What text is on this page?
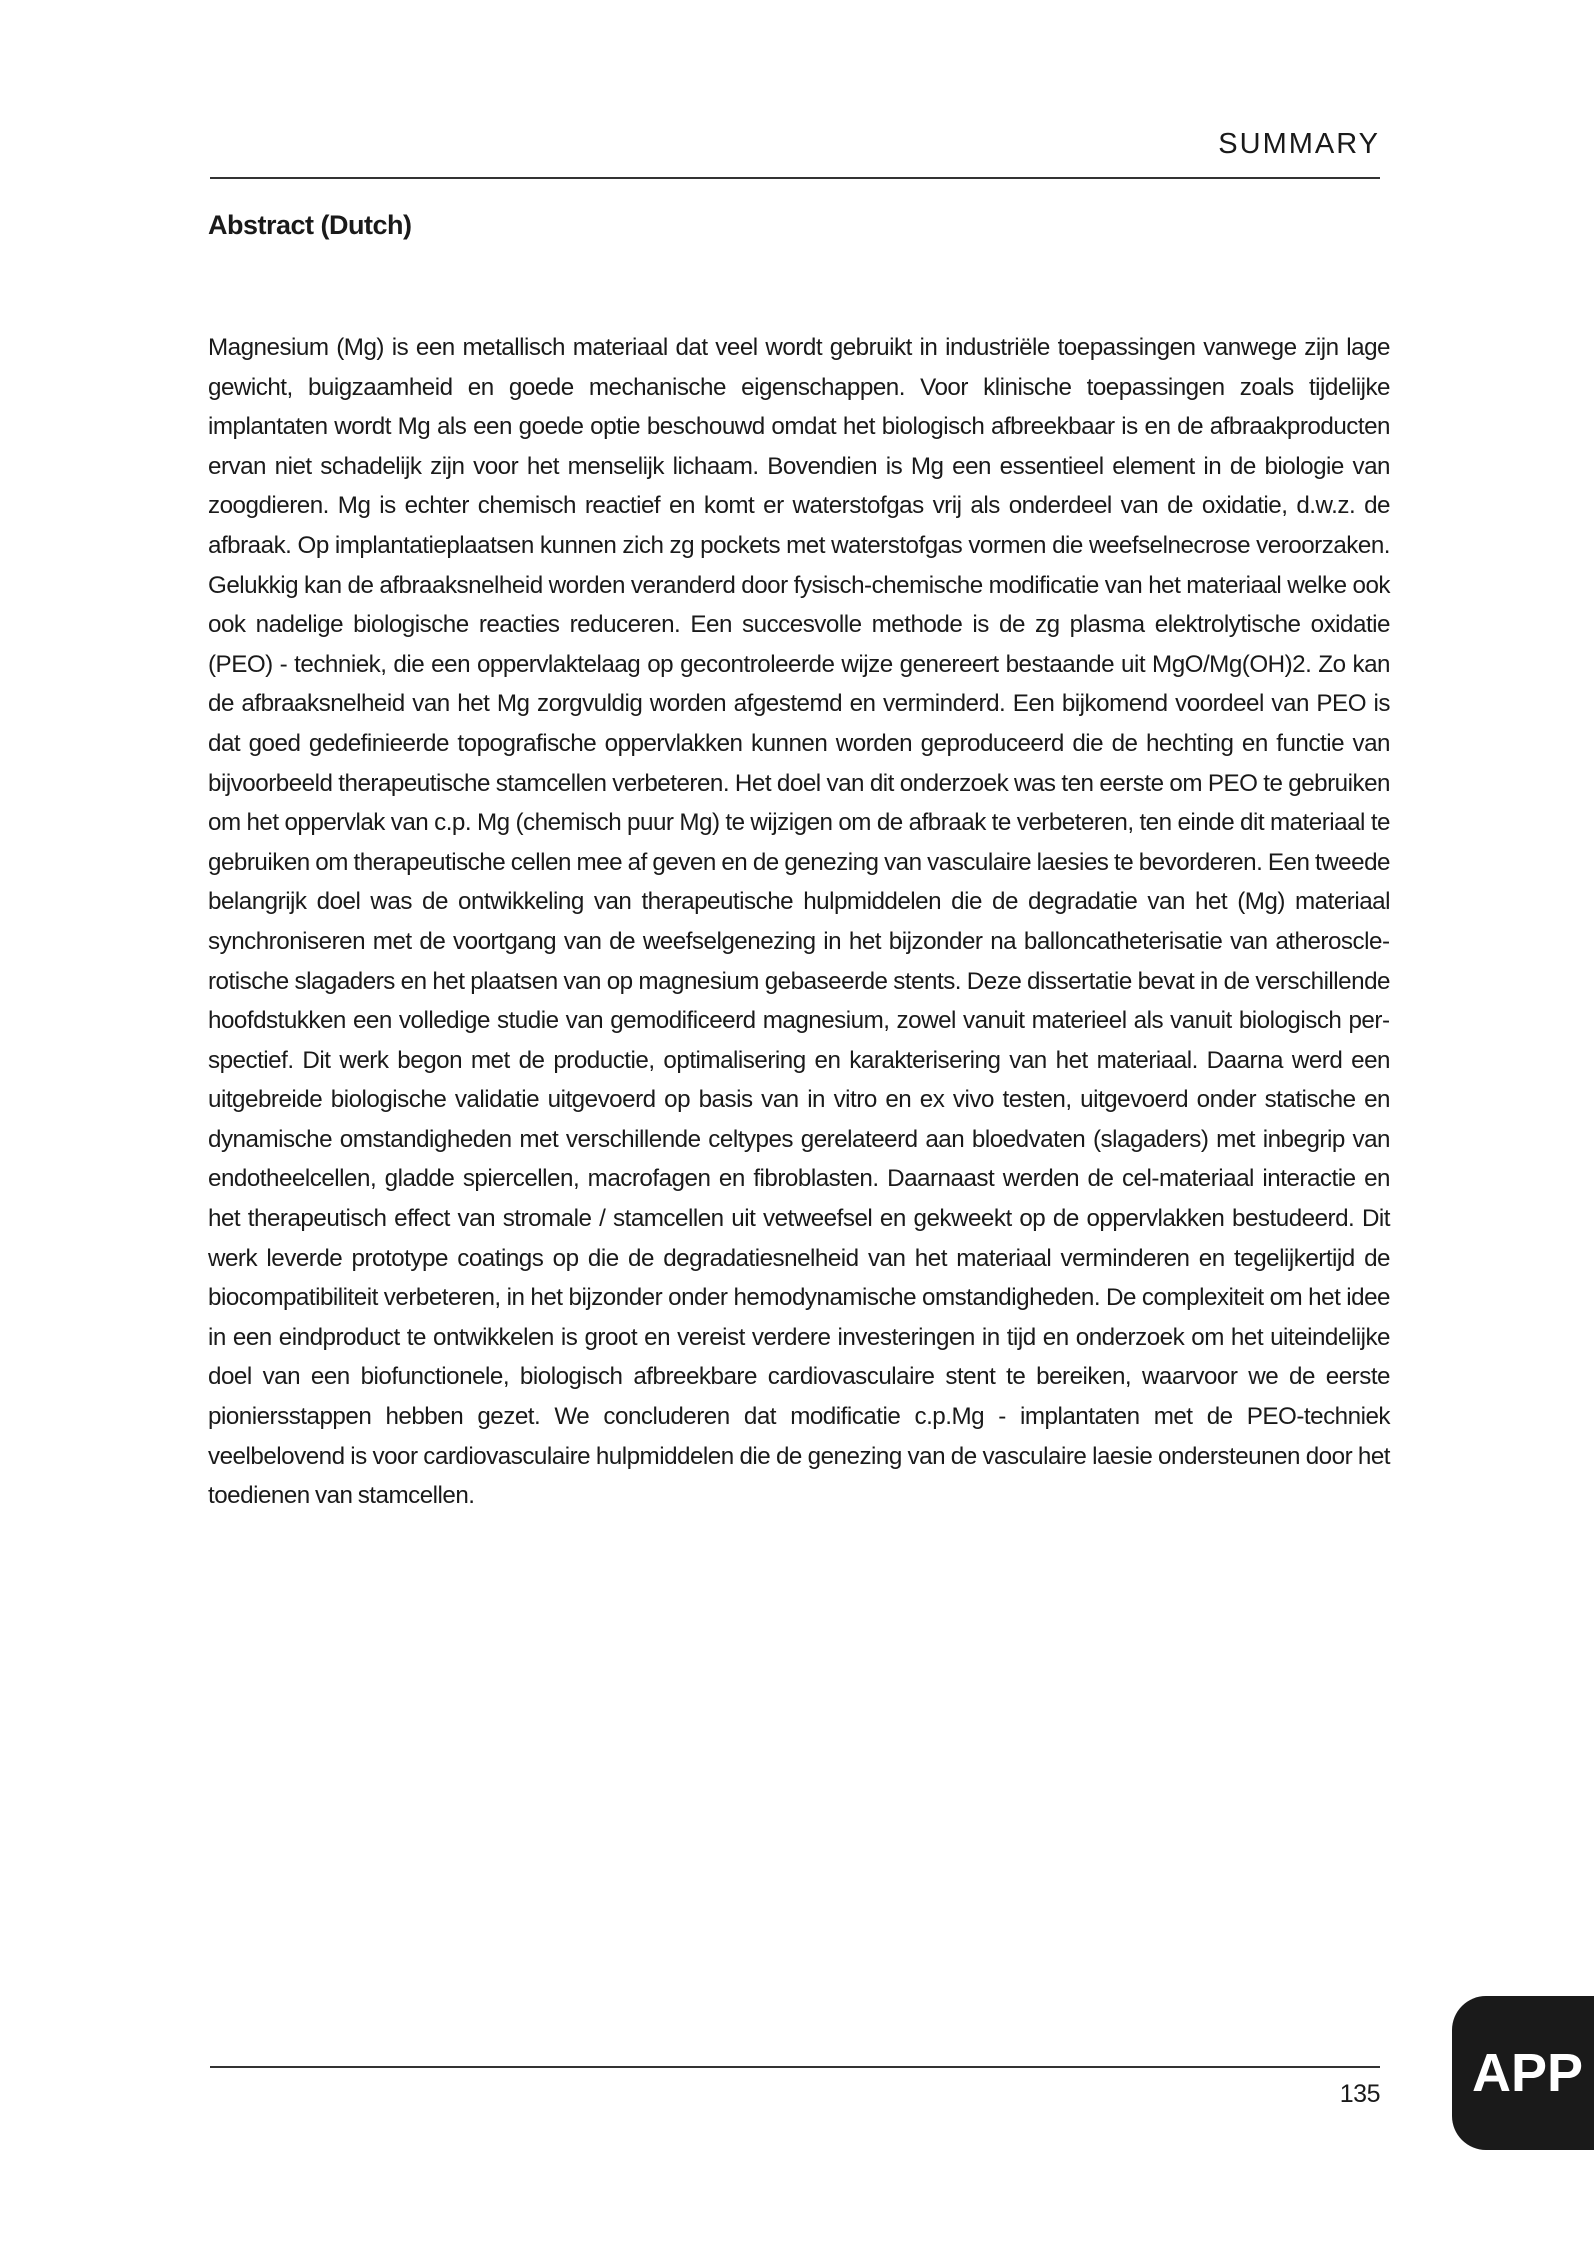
SUMMARY
Abstract (Dutch)

Magnesium (Mg) is een metallisch materiaal dat veel wordt gebruikt in industriële toepassingen vanwege zijn lage gewicht, buigzaamheid en goede mechanische eigenschappen. Voor klinische toepassingen zoals tijdelijke implantaten wordt Mg als een goede optie beschouwd omdat het biologisch afbreekbaar is en de afbraakproducten ervan niet schadelijk zijn voor het menselijk lichaam. Bovendien is Mg een essentieel element in de biologie van zoogdieren. Mg is echter chemisch reactief en komt er waterstofgas vrij als onderdeel van de oxidatie, d.w.z. de afbraak. Op implantatieplaatsen kunnen zich zg pockets met waterstofgas vormen die weefselnecrose veroorzaken. Gelukkig kan de afbraaksnelheid worden veranderd door fysisch-chemische modificatie van het materiaal welke ook ook nadelige biologische reacties reduceren. Een succesvolle methode is de zg plasma elektrolytische oxidatie (PEO) - techniek, die een oppervlaktelaag op gecontroleerde wijze genereert bestaande uit MgO/Mg(OH)2. Zo kan de afbraaksnelheid van het Mg zorgvuldig worden afgestemd en verminderd. Een bijkomend voordeel van PEO is dat goed gedefinieerde topografische oppervlakken kunnen worden geproduceerd die de hechting en functie van bijvoorbeeld therapeutische stamcellen verbeteren. Het doel van dit onderzoek was ten eerste om PEO te gebruiken om het oppervlak van c.p. Mg (chemisch puur Mg) te wijzigen om de afbraak te verbeteren, ten einde dit materiaal te gebruiken om therapeutische cellen mee af geven en de genezing van vasculaire laesies te bevorderen. Een tweede belangrijk doel was de ontwikkeling van therapeutische hulpmiddelen die de degradatie van het (Mg) materiaal synchroniseren met de voortgang van de weefselgenezing in het bijzonder na balloncatheterisatie van atherosclerotische slagaders en het plaatsen van op magnesium gebaseerde stents. Deze dissertatie bevat in de verschillende hoofdstukken een volledige studie van gemodificeerd magnesium, zowel vanuit materieel als vanuit biologisch perspectief. Dit werk begon met de productie, optimalisering en karakterisering van het materiaal. Daarna werd een uitgebreide biologische validatie uitgevoerd op basis van in vitro en ex vivo testen, uitgevoerd onder statische en dynamische omstandigheden met verschillende celtypes gerelateerd aan bloedvaten (slagaders) met inbegrip van endotheelcellen, gladde spiercellen, macrofagen en fibroblasten. Daarnaast werden de cel-materiaal interactie en het therapeutisch effect van stromale / stamcellen uit vetweefsel en gekweekt op de oppervlakken bestudeerd. Dit werk leverde prototype coatings op die de degradatiesnelheid van het materiaal verminderen en tegelijkertijd de biocompatibiliteit verbeteren, in het bijzonder onder hemodynamische omstandigheden. De complexiteit om het idee in een eindproduct te ontwikkelen is groot en vereist verdere investeringen in tijd en onderzoek om het uiteindelijke doel van een biofunctionele, biologisch afbreekbare cardiovasculaire stent te bereiken, waarvoor we de eerste pioniersstappen hebben gezet. We concluderen dat modificatie c.p.Mg - implantaten met de PEO-techniek veelbelovend is voor cardiovasculaire hulpmiddelen die de genezing van de vasculaire laesie ondersteunen door het toedienen van stamcellen.

135 APP
